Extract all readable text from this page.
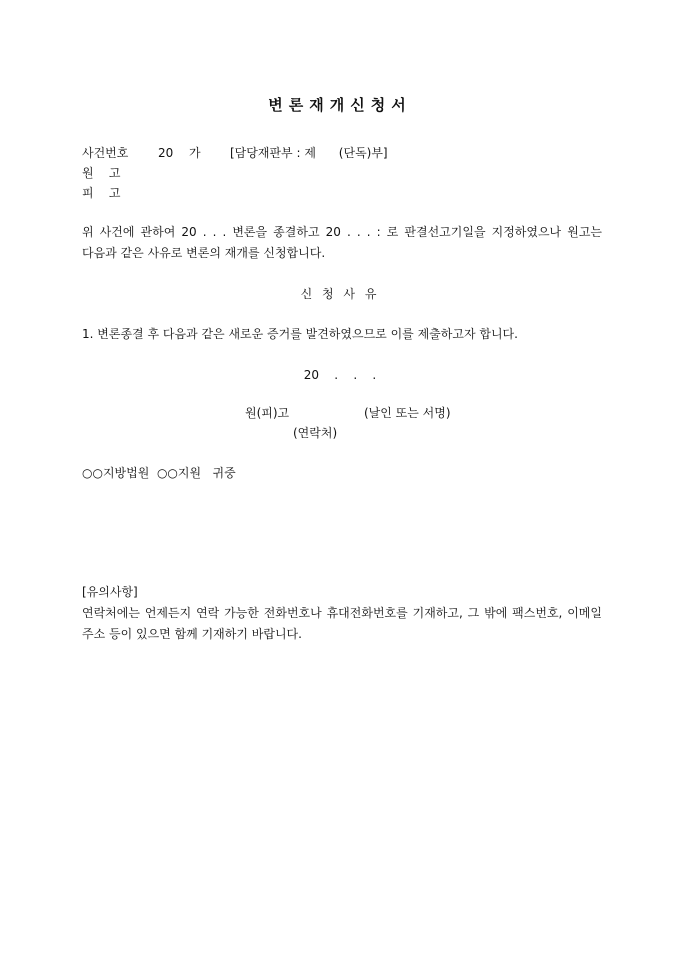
변론재개신청서
사건번호 20 가 [담당재판부 : 제      (단독)부]
원    고
피    고
위 사건에 관하여 20 . . . 변론을 종결하고 20 . . . : 로 판결선고기일을 지정하였으나 원고는 다음과 같은 사유로 변론의 재개를 신청합니다.
신 청 사 유
1. 변론종결 후 다음과 같은 새로운 증거를 발견하였으므로 이를 제출하고자 합니다.
20    .    .    .
원(피)고	(날인 또는 서명)
(연락처)
○○지방법원  ○○지원   귀중
[유의사항]
연락처에는 언제든지 연락 가능한 전화번호나 휴대전화번호를 기재하고, 그 밖에 팩스번호, 이메일 주소 등이 있으면 함께 기재하기 바랍니다.
